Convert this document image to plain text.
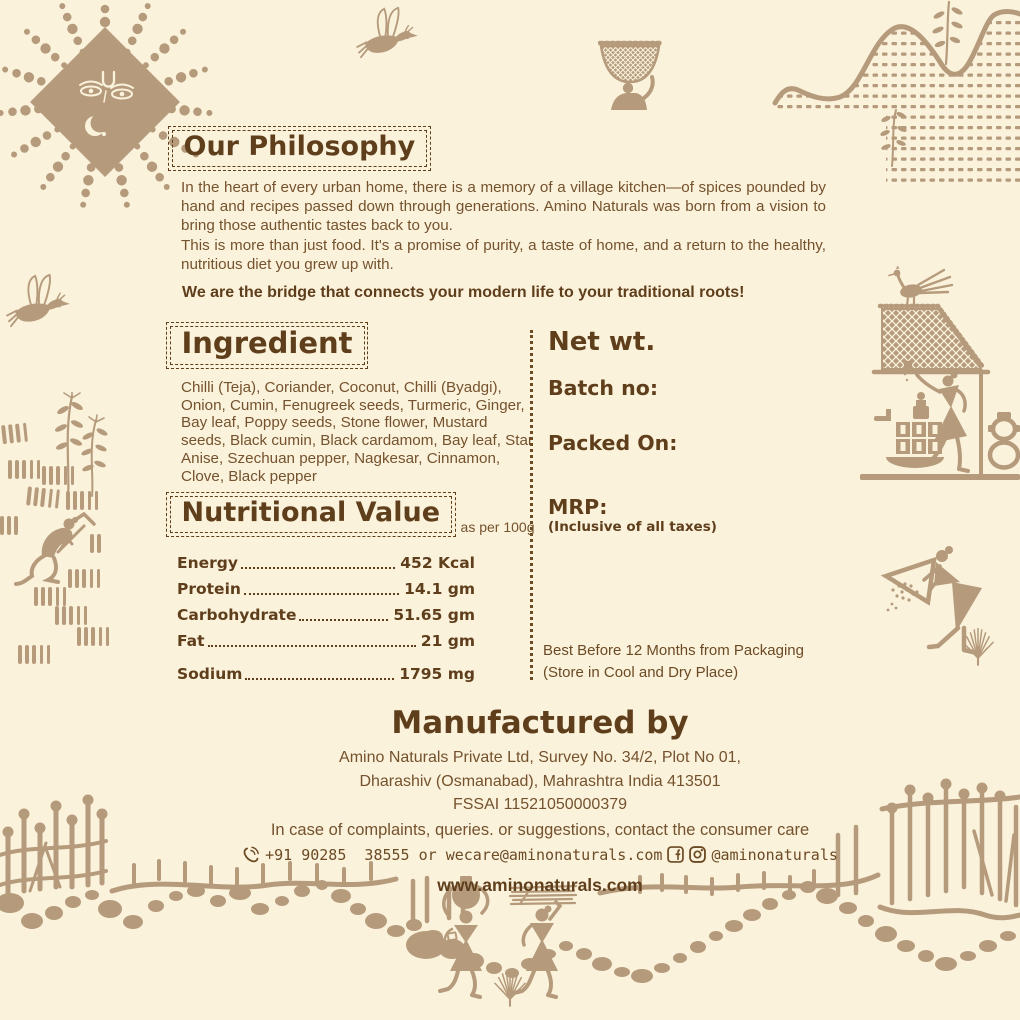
Our Philosophy

In the heart of every urban home, there is a memory of a village kitchen—of spices pounded by hand and recipes passed down through generations. Amino Naturals was born from a vision to bring those authentic tastes back to you.

This is more than just food. It's a promise of purity, a taste of home, and a return to the healthy, nutritious diet you grew up with.

We are the bridge that connects your modern life to your traditional roots!
Ingredient
Chilli (Teja), Coriander, Coconut, Chilli (Byadgi), Onion, Cumin, Fenugreek seeds, Turmeric, Ginger, Bay leaf, Poppy seeds, Stone flower, Mustard seeds, Black cumin, Black cardamom, Bay leaf, Star Anise, Szechuan pepper, Nagkesar, Cinnamon, Clove, Black pepper
Net wt.
Batch no:
Packed On:
MRP:
(Inclusive of all taxes)
Best Before 12 Months from Packaging
(Store in Cool and Dry Place)
Nutritional Value	as per 100g
Energy	452 Kcal
Protein	14.1 gm
Carbohydrate	51.65 gm
Fat	21 gm
Sodium	1795 mg
Manufactured by
Amino Naturals Private Ltd, Survey No. 34/2, Plot No 01,
Dharashiv (Osmanabad), Mahrashtra India 413501
FSSAI 11521050000379
In case of complaints, queries. or suggestions, contact the consumer care
+91 90285  38555 or wecare@aminonaturals.com	@aminonaturals
www.aminonaturals.com
